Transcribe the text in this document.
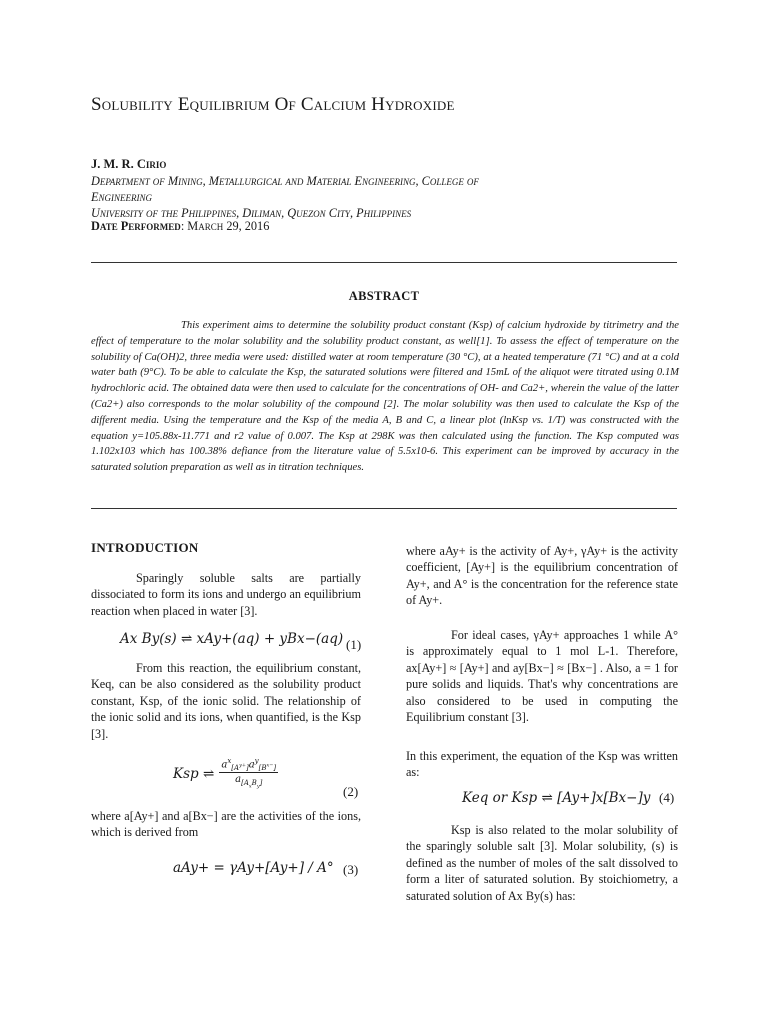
Solubility Equilibrium Of Calcium Hydroxide
J. M. R. Cirio
Department of Mining, Metallurgical and Material Engineering, College of
Engineering
University of the Philippines, Diliman, Quezon City, Philippines
Date Performed: March 29, 2016
ABSTRACT
This experiment aims to determine the solubility product constant (Ksp) of calcium hydroxide by titrimetry and the effect of temperature to the molar solubility and the solubility product constant, as well[1]. To assess the effect of temperature on the solubility of Ca(OH)2, three media were used: distilled water at room temperature (30 °C), at a heated temperature (71 °C) and at a cold water bath (9°C). To be able to calculate the Ksp, the saturated solutions were filtered and 15mL of the aliquot were titrated using 0.1M hydrochloric acid. The obtained data were then used to calculate for the concentrations of OH- and Ca2+, wherein the value of the latter (Ca2+) also corresponds to the molar solubility of the compound [2]. The molar solubility was then used to calculate the Ksp of the different media. Using the temperature and the Ksp of the media A, B and C, a linear plot (lnKsp vs. 1/T) was constructed with the equation y=105.88x-11.771 and r2 value of 0.007. The Ksp at 298K was then calculated using the function. The Ksp computed was 1.102x103 which has 100.38% defiance from the literature value of 5.5x10-6. This experiment can be improved by accuracy in the saturated solution preparation as well as in titration techniques.
INTRODUCTION

Sparingly soluble salts are partially dissociated to form its ions and undergo an equilibrium reaction when placed in water [3].

Ax By(s) ⇌ xAy+(aq) + yBx−(aq) (1)

From this reaction, the equilibrium constant, Keq, can be also considered as the solubility product constant, Ksp, of the ionic solid. The relationship of the ionic solid and its ions, when quantified, is the Ksp [3].

Ksp ⇌ $\frac{a^x_{[A^{y+}]}a^y_{[B^{x-}]}}{a_{[A_xB_y]}}$
(2)

where a[Ay+] and a[Bx−] are the activities of the ions, which is derived from

aAy+ = γAy+[Ay+] / A° (3)

where aAy+ is the activity of Ay+, γAy+ is the activity coefficient, [Ay+] is the equilibrium concentration of Ay+, and A° is the concentration for the reference state of Ay+.

For ideal cases, γAy+ approaches 1 while A° is approximately equal to 1 mol L-1. Therefore, ax[Ay+] ≈ [Ay+] and ay[Bx−] ≈ [Bx−] . Also, a = 1 for pure solids and liquids. That's why concentrations are also considered to be used in computing the Equilibrium constant [3].

In this experiment, the equation of the Ksp was written as:

Keq or Ksp ⇌ [Ay+]x[Bx−]y (4)

Ksp is also related to the molar solubility of the sparingly soluble salt [3]. Molar solubility, (s) is defined as the number of moles of the salt dissolved to form a liter of saturated solution. By stoichiometry, a saturated solution of Ax By(s) has:
